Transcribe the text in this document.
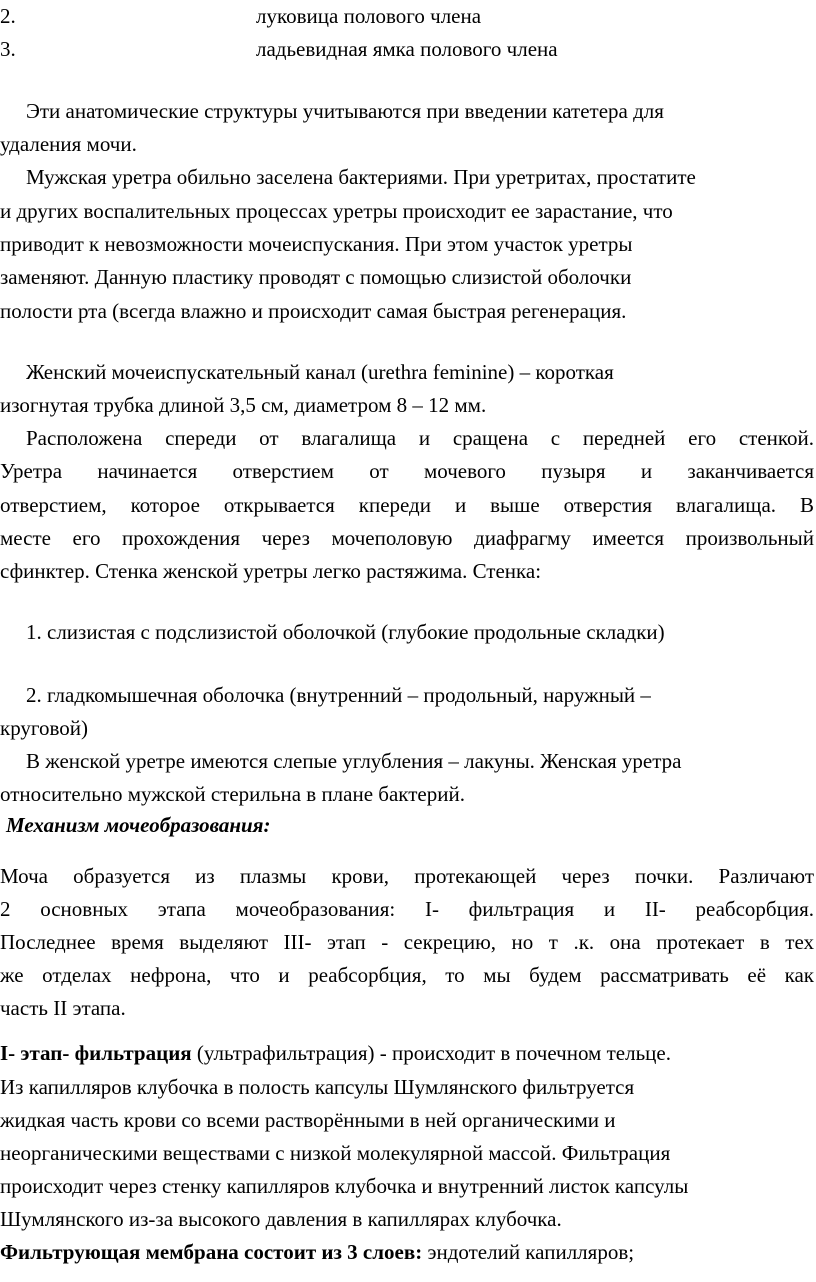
2.	луковица полового члена
3.	ладьевидная ямка полового члена
Эти анатомические структуры учитываются при введении катетера для
удаления мочи.
Мужская уретра обильно заселена бактериями. При уретритах, простатите
и других воспалительных процессах уретры происходит ее зарастание, что
приводит к невозможности мочеиспускания. При этом участок уретры
заменяют. Данную пластику проводят с помощью слизистой оболочки
полости рта (всегда влажно и происходит самая быстрая регенерация.
Женский мочеиспускательный канал (urethra feminine) – короткая
изогнутая трубка длиной 3,5 см, диаметром 8 – 12 мм.
Расположена спереди от влагалища и сращена с передней его стенкой.
Уретра начинается отверстием от мочевого пузыря и заканчивается
отверстием, которое открывается кпереди и выше отверстия влагалища. В
месте его прохождения через мочеполовую диафрагму имеется произвольный
сфинктер. Стенка женской уретры легко растяжима. Стенка:
1. слизистая с подслизистой оболочкой (глубокие продольные складки)
2. гладкомышечная оболочка (внутренний – продольный, наружный –
круговой)
В женской уретре имеются слепые углубления – лакуны. Женская уретра
относительно мужской стерильна в плане бактерий.
Механизм мочеобразования:
Моча образуется из плазмы крови, протекающей через почки. Различают
2 основных этапа мочеобразования: I- фильтрация и II- реабсорбция.
Последнее время выделяют III- этап - секрецию, но т .к. она протекает в тех
же отделах нефрона, что и реабсорбция, то мы будем рассматривать её как
часть II этапа.
I- этап- фильтрация (ультрафильтрация) - происходит в почечном тельце.
Из капилляров клубочка в полость капсулы Шумлянского фильтруется
жидкая часть крови со всеми растворёнными в ней органическими и
неорганическими веществами с низкой молекулярной массой. Фильтрация
происходит через стенку капилляров клубочка и внутренний листок капсулы
Шумлянского из-за высокого давления в капиллярах клубочка.
Фильтрующая мембрана состоит из 3 слоев: эндотелий капилляров;
